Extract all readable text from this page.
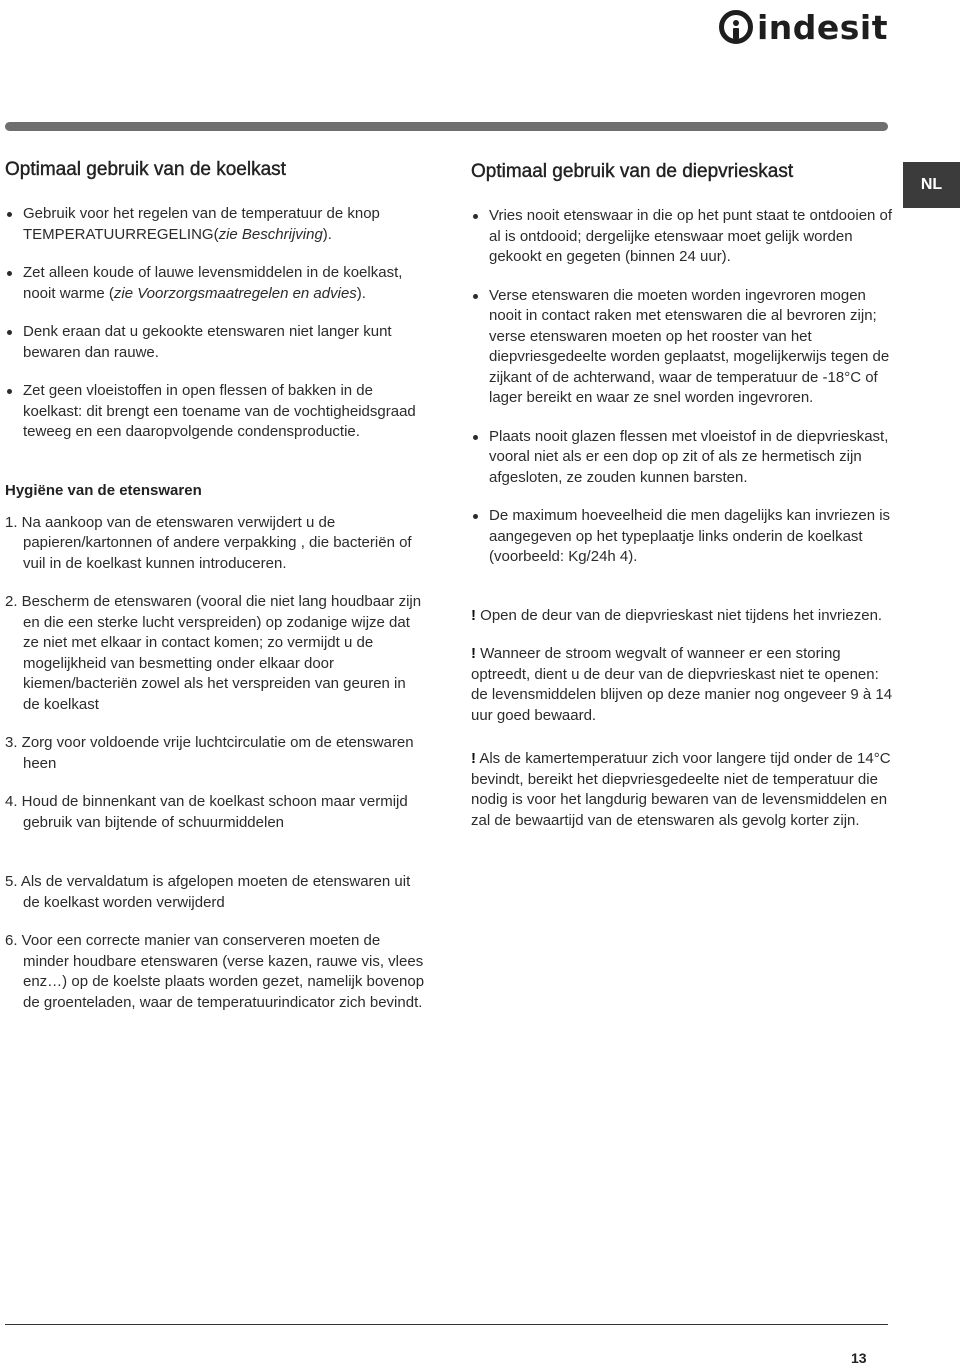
indesit
NL
Optimaal gebruik van de koelkast
Gebruik voor het regelen van de temperatuur de knop TEMPERATUURREGELING(zie Beschrijving).
Zet alleen koude of lauwe levensmiddelen in de koelkast, nooit warme (zie Voorzorgsmaatregelen en advies).
Denk eraan dat u gekookte etenswaren niet langer kunt bewaren dan rauwe.
Zet geen vloeistoffen in open flessen of bakken in de koelkast: dit brengt een toename van de vochtigheidsgraad teweeg en een daaropvolgende condensproductie.
Hygiëne van de etenswaren

1. Na aankoop van de etenswaren verwijdert u de papieren/kartonnen of andere verpakking , die bacteriën of vuil in de koelkast kunnen introduceren.

2. Bescherm de etenswaren (vooral die niet lang houdbaar zijn en die een sterke lucht verspreiden) op zodanige wijze dat ze niet met elkaar in contact komen; zo vermijdt u de mogelijkheid van besmetting onder elkaar door kiemen/bacteriën zowel als het verspreiden van geuren in de koelkast

3. Zorg voor voldoende vrije luchtcirculatie om de etenswaren heen

4. Houd de binnenkant van de koelkast schoon maar vermijd gebruik van bijtende of schuurmiddelen

5. Als de vervaldatum is afgelopen moeten de etenswaren uit de koelkast worden verwijderd

6. Voor een correcte manier van conserveren moeten de minder houdbare etenswaren (verse kazen, rauwe vis, vlees enz…) op de koelste plaats worden gezet, namelijk bovenop de groenteladen, waar de temperatuurindicator zich bevindt.

Optimaal gebruik van de diepvrieskast
Vries nooit etenswaar in die op het punt staat te ontdooien of al is ontdooid; dergelijke etenswaar moet gelijk worden gekookt en gegeten (binnen 24 uur).
Verse etenswaren die moeten worden ingevroren mogen nooit in contact raken met etenswaren die al bevroren zijn; verse etenswaren moeten op het rooster van het diepvriesgedeelte worden geplaatst, mogelijkerwijs tegen de zijkant of de achterwand, waar de temperatuur de -18°C of lager bereikt en waar ze snel worden ingevroren.
Plaats nooit glazen flessen met vloeistof in de diepvrieskast, vooral niet als er een dop op zit of als ze hermetisch zijn afgesloten, ze zouden kunnen barsten.
De maximum hoeveelheid die men dagelijks kan invriezen is aangegeven op het typeplaatje links onderin de koelkast (voorbeeld: Kg/24h 4).

! Open de deur van de diepvrieskast niet tijdens het invriezen.

! Wanneer de stroom wegvalt of wanneer er een storing optreedt, dient u de deur van de diepvrieskast niet te openen: de levensmiddelen blijven op deze manier nog ongeveer 9 à 14 uur goed bewaard.

! Als de kamertemperatuur zich voor langere tijd onder de 14°C bevindt, bereikt het diepvriesgedeelte niet de temperatuur die nodig is voor het langdurig bewaren van de levensmiddelen en zal de bewaartijd van de etenswaren als gevolg korter zijn.

13
